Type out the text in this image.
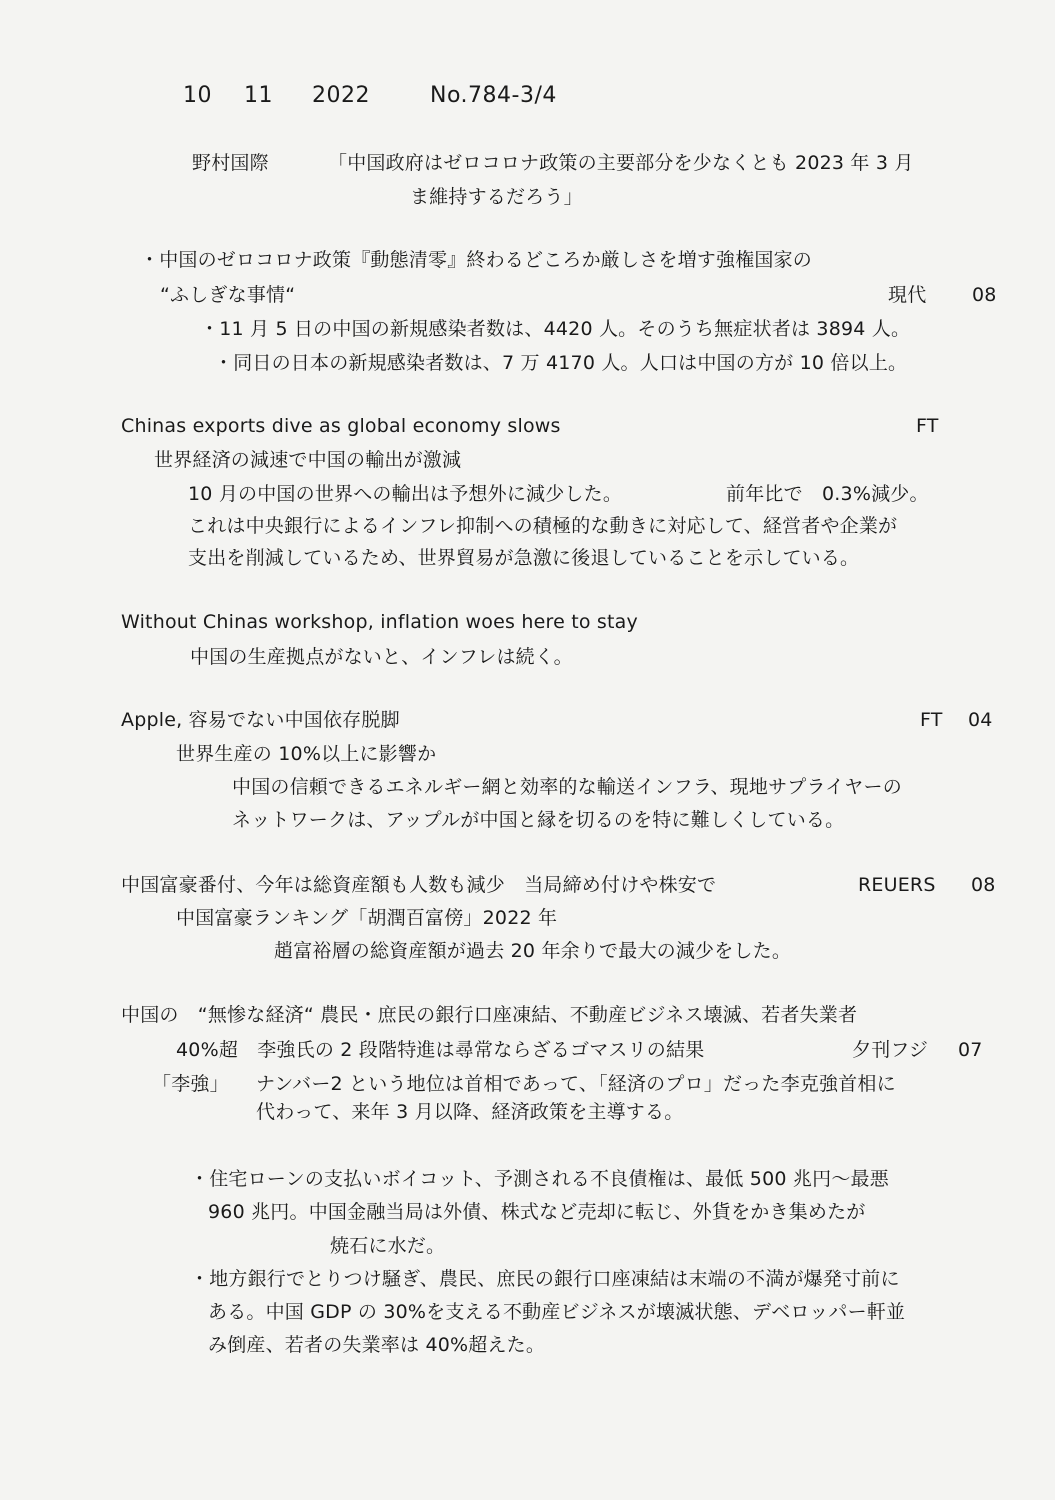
10 11 2022	No.784-3/4
野村国際	「中国政府はゼロコロナ政策の主要部分を少なくとも 2023 年 3 月
ま維持するだろう」
・中国のゼロコロナ政策『動態清零』終わるどころか厳しさを増す強権国家の
“ふしぎな事情“	現代 08
・11 月 5 日の中国の新規感染者数は、4420 人。そのうち無症状者は 3894 人。
・同日の日本の新規感染者数は、7 万 4170 人。人口は中国の方が 10 倍以上。
Chinas exports dive as global economy slows	FT
世界経済の減速で中国の輸出が激減
10 月の中国の世界への輸出は予想外に減少した。	前年比で　0.3%減少。
これは中央銀行によるインフレ抑制への積極的な動きに対応して、経営者や企業が
支出を削減しているため、世界貿易が急激に後退していることを示している。
Without Chinas workshop, inflation woes here to stay
中国の生産拠点がないと、インフレは続く。
Apple, 容易でない中国依存脱脚	FT 04
世界生産の 10%以上に影響か
中国の信頼できるエネルギー網と効率的な輸送インフラ、現地サプライヤーの
ネットワークは、アップルが中国と縁を切るのを特に難しくしている。
中国富豪番付、今年は総資産額も人数も減少　当局締め付けや株安で	REUERS 08
中国富豪ランキング「胡潤百富傍」2022 年
趙富裕層の総資産額が過去 20 年余りで最大の減少をした。
中国の　“無惨な経済“ 農民・庶民の銀行口座凍結、不動産ビジネス壊滅、若者失業者
40%超　李強氏の 2 段階特進は尋常ならざるゴマスリの結果	夕刊フジ 07
「李強」 ナンバー2 という地位は首相であって、「経済のプロ」だった李克強首相に
代わって、来年 3 月以降、経済政策を主導する。
・住宅ローンの支払いボイコット、予測される不良債権は、最低 500 兆円～最悪
960 兆円。中国金融当局は外債、株式など売却に転じ、外貨をかき集めたが
焼石に水だ。
・地方銀行でとりつけ騒ぎ、農民、庶民の銀行口座凍結は末端の不満が爆発寸前に
ある。中国 GDP の 30%を支える不動産ビジネスが壊滅状態、デベロッパー軒並
み倒産、若者の失業率は 40%超えた。
